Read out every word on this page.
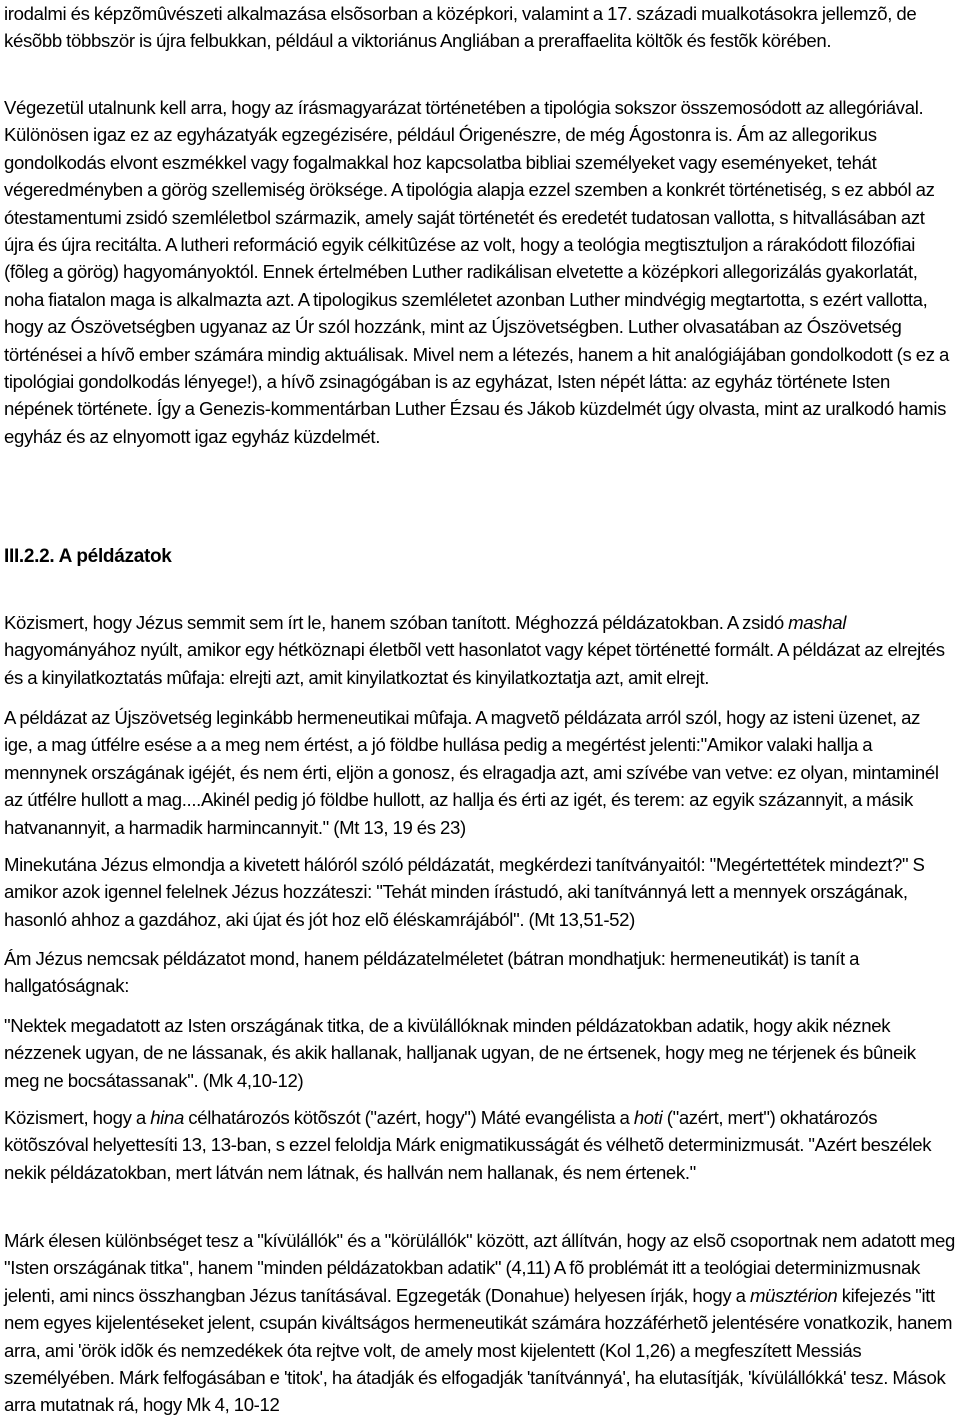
irodalmi és képzõmûvészeti alkalmazása elsõsorban a középkori, valamint a 17. századi mualkotásokra jellemzõ, de késõbb többször is újra felbukkan, például a viktoriánus Angliában a preraffaelita költõk és festõk körében.

Végezetül utalnunk kell arra, hogy az írásmagyarázat történetében a tipológia sokszor összemosódott az allegóriával. Különösen igaz ez az egyházatyák egzegézisére, például Órigenészre, de még Ágostonra is. Ám az allegorikus gondolkodás elvont eszmékkel vagy fogalmakkal hoz kapcsolatba bibliai személyeket vagy eseményeket, tehát végeredményben a görög szellemiség öröksége. A tipológia alapja ezzel szemben a konkrét történetiség, s ez abból az ótestamentumi zsidó szemléletbol származik, amely saját történetét és eredetét tudatosan vallotta, s hitvallásában azt újra és újra recitálta. A lutheri reformáció egyik célkitûzése az volt, hogy a teológia megtisztuljon a rárakódott filozófiai (fõleg a görög) hagyományoktól. Ennek értelmében Luther radikálisan elvetette a középkori allegorizálás gyakorlatát, noha fiatalon maga is alkalmazta azt. A tipologikus szemléletet azonban Luther mindvégig megtartotta, s ezért vallotta, hogy az Ószövetségben ugyanaz az Úr szól hozzánk, mint az Újszövetségben. Luther olvasatában az Ószövetség történései a hívõ ember számára mindig aktuálisak. Mivel nem a létezés, hanem a hit analógiájában gondolkodott (s ez a tipológiai gondolkodás lényege!), a hívõ zsinagógában is az egyházat, Isten népét látta: az egyház története Isten népének története. Így a Genezis-kommentárban Luther Ézsau és Jákob küzdelmét úgy olvasta, mint az uralkodó hamis egyház és az elnyomott igaz egyház küzdelmét.

III.2.2. A példázatok

Közismert, hogy Jézus semmit sem írt le, hanem szóban tanított. Méghozzá példázatokban. A zsidó mashal hagyományához nyúlt, amikor egy hétköznapi életbõl vett hasonlatot vagy képet történetté formált. A példázat az elrejtés és a kinyilatkoztatás mûfaja: elrejti azt, amit kinyilatkoztat és kinyilatkoztatja azt, amit elrejt.

A példázat az Újszövetség leginkább hermeneutikai mûfaja. A magvetõ példázata arról szól, hogy az isteni üzenet, az ige, a mag útfélre esése a a meg nem értést, a jó földbe hullása pedig a megértést jelenti:"Amikor valaki hallja a mennynek országának igéjét, és nem érti, eljön a gonosz, és elragadja azt, ami szívébe van vetve: ez olyan, mintaminél az útfélre hullott a mag....Akinél pedig jó földbe hullott, az hallja és érti az igét, és terem: az egyik százannyit, a másik hatvanannyit, a harmadik harmincannyit." (Mt 13, 19 és 23)

Minekutána Jézus elmondja a kivetett hálóról szóló példázatát, megkérdezi tanítványaitól: "Megértettétek mindezt?" S amikor azok igennel felelnek Jézus hozzáteszi: "Tehát minden írástudó, aki tanítvánnyá lett a mennyek országának, hasonló ahhoz a gazdához, aki újat és jót hoz elõ éléskamrájából". (Mt 13,51-52)

Ám Jézus nemcsak példázatot mond, hanem példázatelméletet (bátran mondhatjuk: hermeneutikát) is tanít a hallgatóságnak:

"Nektek megadatott az Isten országának titka, de a kivülállóknak minden példázatokban adatik, hogy akik néznek nézzenek ugyan, de ne lássanak, és akik hallanak, halljanak ugyan, de ne értsenek, hogy meg ne térjenek és bûneik meg ne bocsátassanak". (Mk 4,10-12)

Közismert, hogy a hina célhatározós kötõszót ("azért, hogy") Máté evangélista a hoti ("azért, mert") okhatározós kötõszóval helyettesíti 13, 13-ban, s ezzel feloldja Márk enigmatikusságát és vélhetõ determinizmusát. "Azért beszélek nekik példázatokban, mert látván nem látnak, és hallván nem hallanak, és nem értenek."

Márk élesen különbséget tesz a "kívülállók" és a "körülállók" között, azt állítván, hogy az elsõ csoportnak nem adatott meg "Isten országának titka", hanem "minden példázatokban adatik" (4,11) A fõ problémát itt a teológiai determinizmusnak jelenti, ami nincs összhangban Jézus tanításával. Egzegeták (Donahue) helyesen írják, hogy a müsztérion kifejezés "itt nem egyes kijelentéseket jelent, csupán kiváltságos hermeneutikát számára hozzáférhetõ jelentésére vonatkozik, hanem arra, ami 'örök idõk és nemzedékek óta rejtve volt, de amely most kijelentett (Kol 1,26) a megfeszített Messiás személyében. Márk felfogásában e 'titok', ha átadják és elfogadják 'tanítvánnyá', ha elutasítják, 'kívülállókká' tesz. Mások arra mutatnak rá, hogy Mk 4, 10-12
